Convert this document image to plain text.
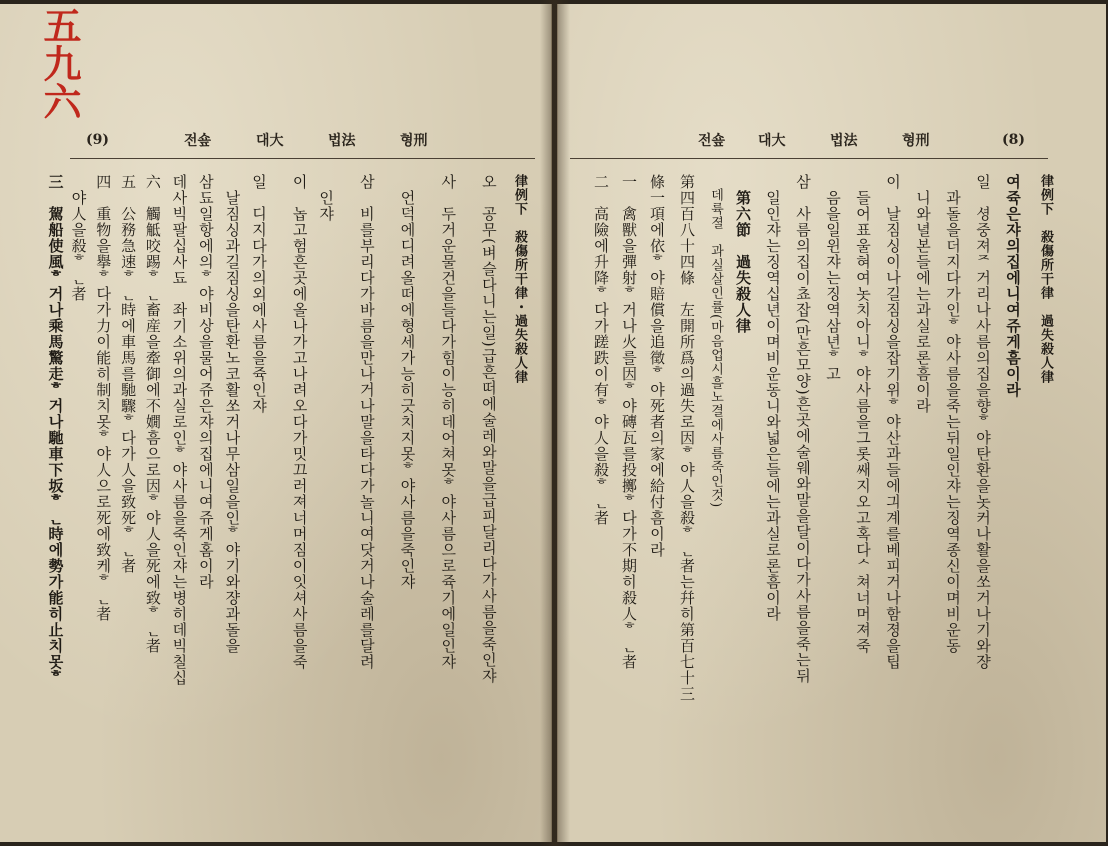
五九六
(9)	전숖	대大	법法	형刑
律例下　殺傷所干律・過失殺人律
오　공무(벼슬다니는일)급흔떠에술레와말을급피달리다가사름을죽인쟈
사　두거운물건을들다가힘이능히데어쳐못ᄒ야사름으로쥭기에일인쟈
　언덕에디려올떠에형세가능히긋치지못ᄒ야사름을죽인쟈
삼　비를부리다가바름을만나거나말을타다가놀니여닷거나술레를달려
　인쟈
이　놉고험흔곳에올나가고나려오다가밋끄러져너머짐이잇셔사름을죽
일　디지다가의외에사름을쥭인쟈
　날짐싱과길짐싱을탄환노코활쏘거나무삼일을인ᄒ야기와쟝과돌을
삼됴일항에의ᄒ야비상을물어쥬은쟈의집에니여쥬게홈이라
데사빅팔십사됴　좌기소위의과실로인ᄒ야사름을죽인쟈는병히데빅칠십
六　觸觝咬踢ᄒᆫ畜産을牽御에不嫺흠으로因ᄒ야人을死에致ᄒᆫ者
五　公務急速ᄒᆫ時에車馬를馳驟ᄒ다가人을致死ᄒᆫ者
四　重物을擧ᄒ다가力이能히制치못ᄒ야人으로死에致케ᄒᆫ者
　야人을殺ᄒᆫ者
三　駕船使風ᄒ거나乘馬驚走ᄒ거나馳車下坂ᄒᆫ時에勢가能히止치못ᄒ
전숖	대大	법法	형刑	(8)
律例下　殺傷所干律　過失殺人律
여쥭은쟈의집에니여쥬게흠이라
일　셩중져ᄌ거리나사름의집을향ᄒ야탄환을놋커나활을쏘거나기와쟝
　과돌을더지다가인ᄒ야사름을죽는뒤일인쟈는징역종신이며비운동
　니와녈본들에는과실로론흠이라
이　날짐싱이나길짐싱을잡기위ᄒ야산과들에긔계를베피거나함졍을팁
　들어표울혀여놋치아니ᄒ야사름을그롯쌔지오고혹다ᄉ쳐너머져죽
　음을일윈쟈는징역삼년ᄒ고
삼　사름의집이쵸잡(만흔모양)흔곳에술웨와말을달이다가사름을죽는뒤
　일인쟈는징역십년이며비운동니와넓은들에는과실로론흠이라
　第六節　過失殺人律
　데륙졀　과실살인률(마음업시흘노결에사름죽인것)
第四百八十四條　左開所爲의過失로因ᄒ야人을殺ᄒᆫ者는幷히第百七十三
條一項에依ᄒ야賠償을追徵ᄒ야死者의家에給付흠이라
一　禽獸을彈射ᄒ거나火를因ᄒ야磚瓦를投擲ᄒ다가不期히殺人ᄒᆫ者
二　高險에升降ᄒ다가蹉跌이有ᄒ야人을殺ᄒᆫ者
